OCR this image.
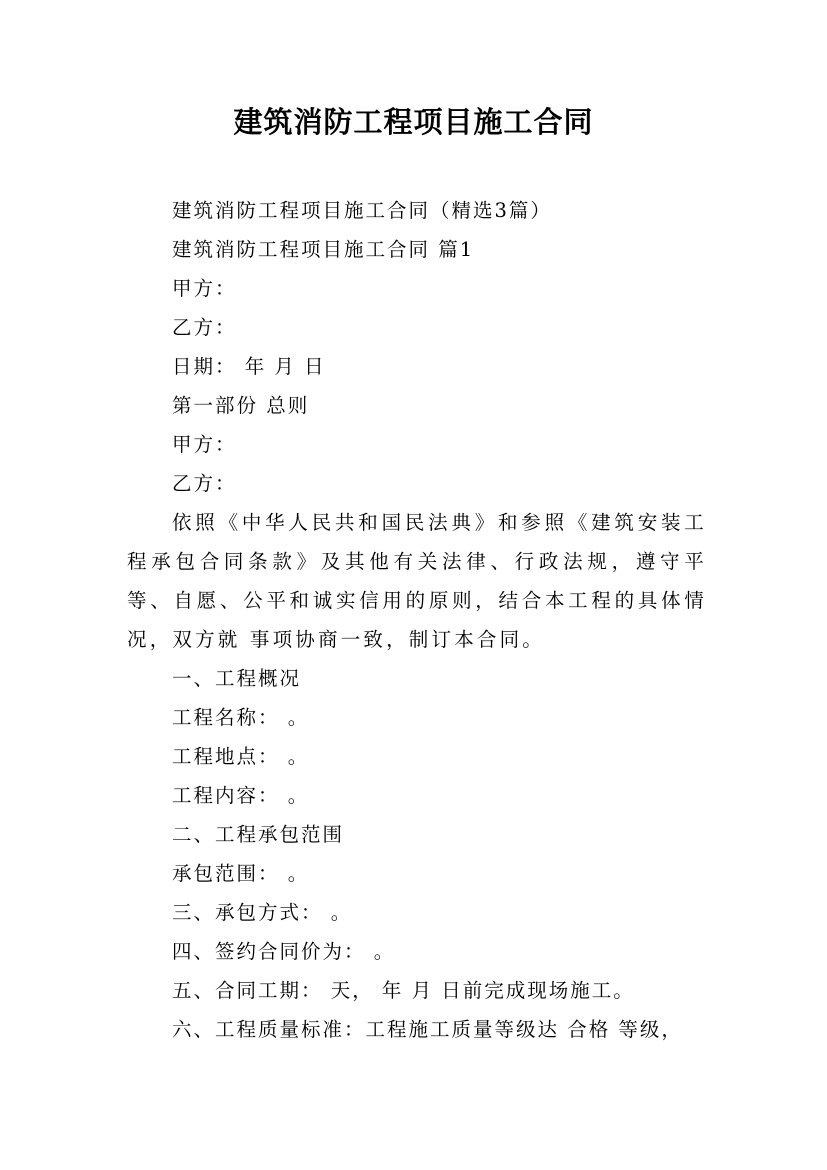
建筑消防工程项目施工合同
建筑消防工程项目施工合同（精选3篇）
建筑消防工程项目施工合同 篇1
甲方：
乙方：
日期： 年 月 日
第一部份 总则
甲方：
乙方：
依照《中华人民共和国民法典》和参照《建筑安装工程承包合同条款》及其他有关法律、行政法规，遵守平等、自愿、公平和诚实信用的原则，结合本工程的具体情况，双方就 事项协商一致，制订本合同。
一、工程概况
工程名称： 。
工程地点： 。
工程内容： 。
二、工程承包范围
承包范围： 。
三、承包方式： 。
四、签约合同价为： 。
五、合同工期： 天， 年 月 日前完成现场施工。
六、工程质量标准：工程施工质量等级达 合格 等级，
